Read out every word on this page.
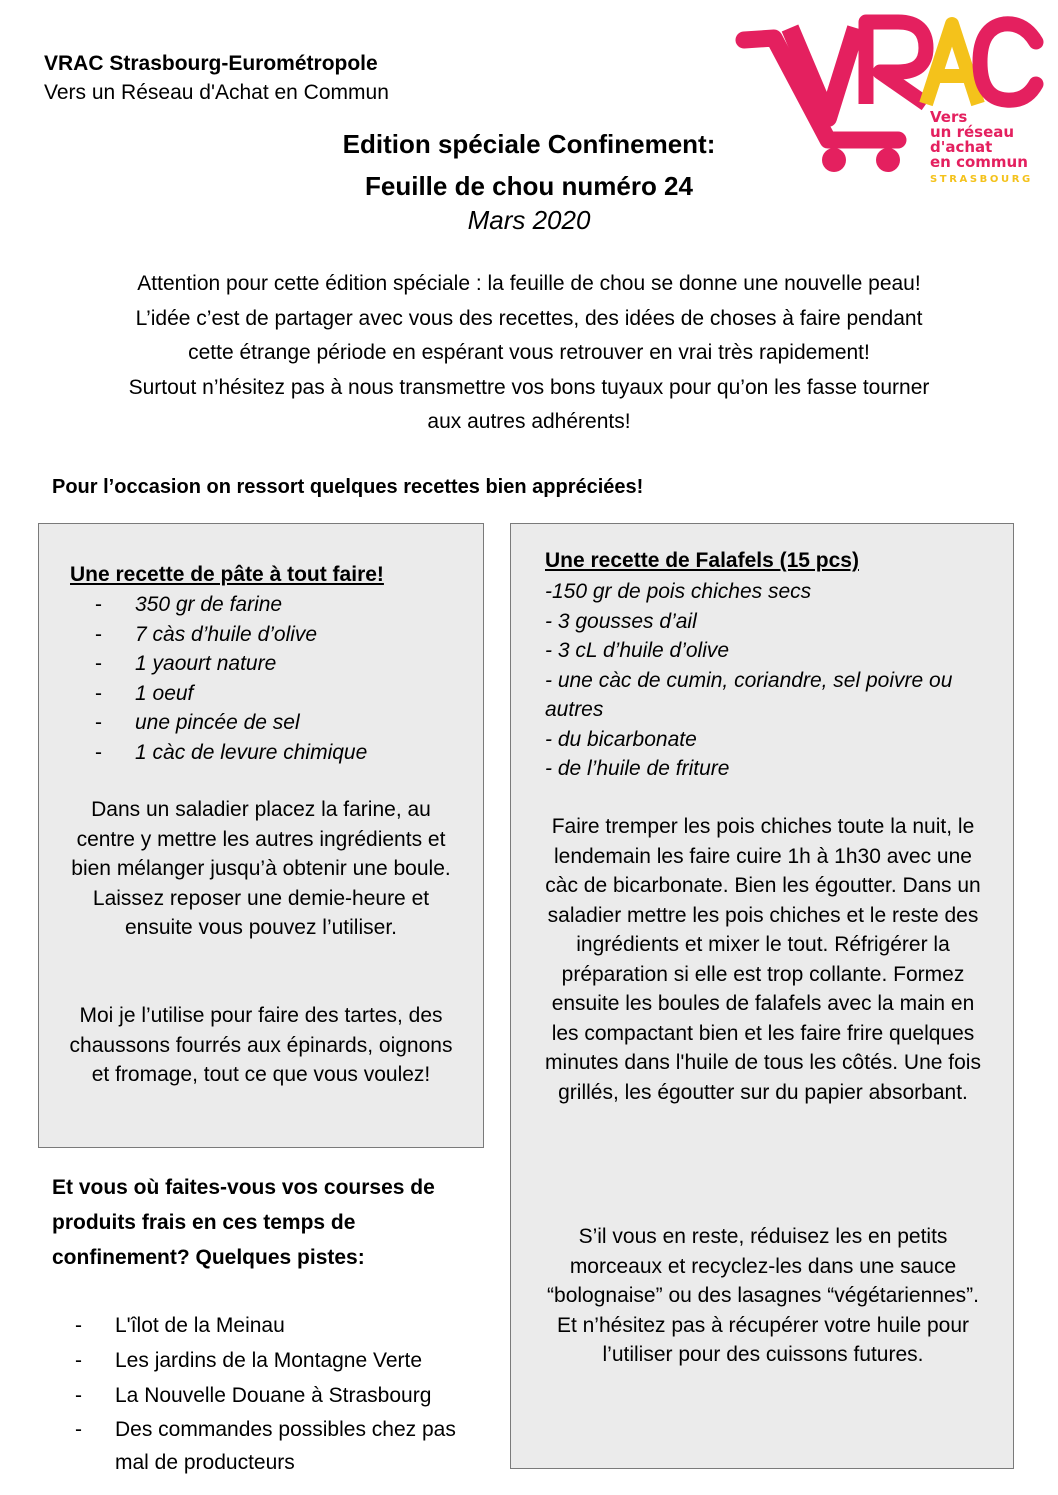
VRAC Strasbourg-Eurométropole
Vers un Réseau d'Achat en Commun
Vers
un réseau
d'achat
en commun
STRASBOURG
Edition spéciale Confinement:
Feuille de chou numéro 24
Mars 2020
Attention pour cette édition spéciale : la feuille de chou se donne une nouvelle peau!
L’idée c’est de partager avec vous des recettes, des idées de choses à faire pendant
cette étrange période en espérant vous retrouver en vrai très rapidement!
Surtout n’hésitez pas à nous transmettre vos bons tuyaux pour qu’on les fasse tourner
aux autres adhérents!
Pour l’occasion on ressort quelques recettes bien appréciées!
Une recette de pâte à tout faire!
- 350 gr de farine
- 7 càs d’huile d’olive
- 1 yaourt nature
- 1 oeuf
- une pincée de sel
- 1 càc de levure chimique
Dans un saladier placez la farine, au centre y mettre les autres ingrédients et bien mélanger jusqu’à obtenir une boule. Laissez reposer une demie-heure et ensuite vous pouvez l’utiliser.
Moi je l’utilise pour faire des tartes, des chaussons fourrés aux épinards, oignons et fromage, tout ce que vous voulez!
Une recette de Falafels (15 pcs)
-150 gr de pois chiches secs
- 3 gousses d’ail
- 3 cL d’huile d’olive
- une càc de cumin, coriandre, sel poivre ou autres
- du bicarbonate
- de l’huile de friture
Faire tremper les pois chiches toute la nuit, le lendemain les faire cuire 1h à 1h30 avec une càc de bicarbonate. Bien les égoutter. Dans un saladier mettre les pois chiches et le reste des ingrédients et mixer le tout. Réfrigérer la préparation si elle est trop collante. Formez ensuite les boules de falafels avec la main en les compactant bien et les faire frire quelques minutes dans l'huile de tous les côtés. Une fois grillés, les égoutter sur du papier absorbant.
S’il vous en reste, réduisez les en petits morceaux et recyclez-les dans une sauce “bolognaise” ou des lasagnes “végétariennes”.
Et n’hésitez pas à récupérer votre huile pour l’utiliser pour des cuissons futures.
Et vous où faites-vous vos courses de produits frais en ces temps de confinement? Quelques pistes:
- L'îlot de la Meinau
- Les jardins de la Montagne Verte
- La Nouvelle Douane à Strasbourg
- Des commandes possibles chez pas mal de producteurs
